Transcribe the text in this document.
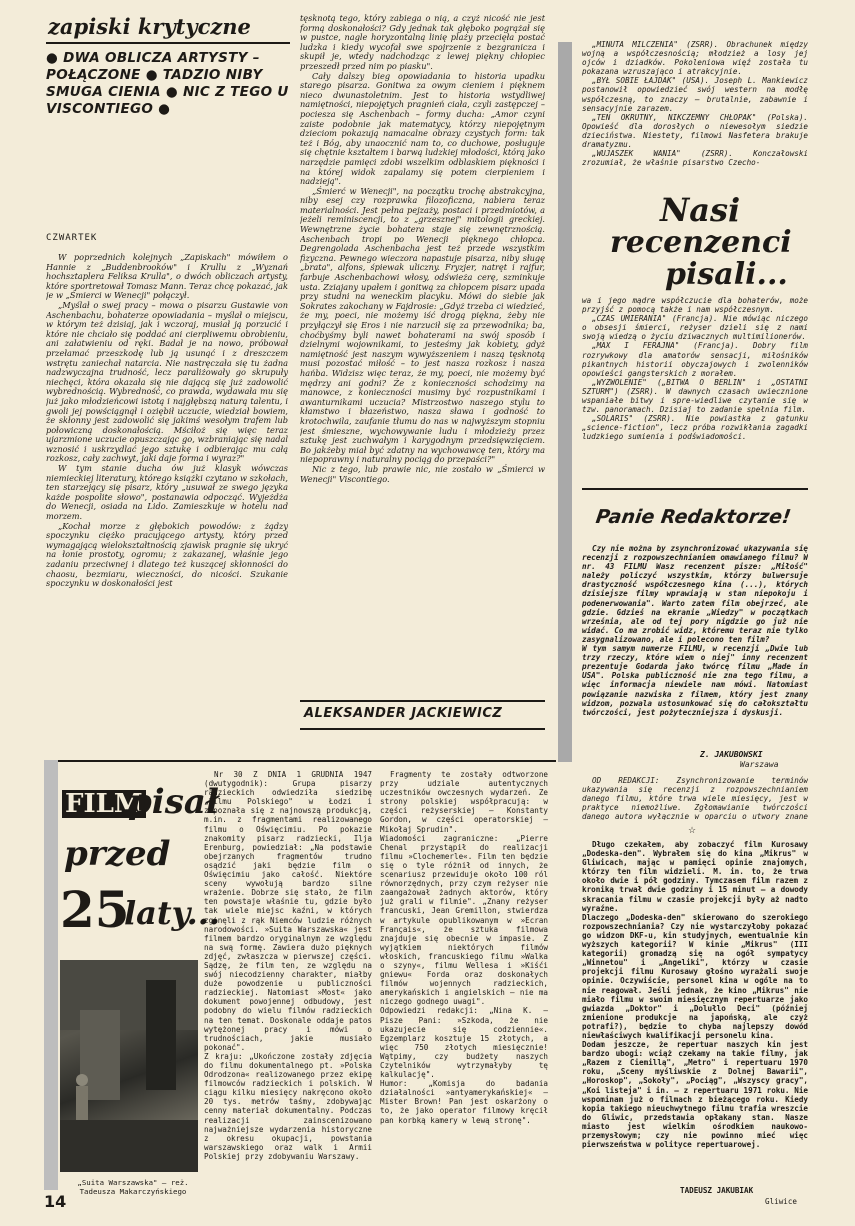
zapiski krytyczne
● DWA OBLICZA ARTYSTY – POŁĄCZONE ● TADZIO NIBY SMUGA CIENIA ● NIC Z TEGO U VISCONTIEGO ●
CZWARTEK

W poprzednich kolejnych „Zapiskach" mówiłem o Hannie z „Buddenbrooków" i Krullu z „Wyznań hochsztaplera Feliksa Krulla", o dwóch obliczach artysty, które sportretował Tomasz Mann. Teraz chcę pokazać, jak je w „Śmierci w Wenecji" połączył.

„Myślał o swej pracy – mowa o pisarzu Gustawie von Aschenbachu, bohaterze opowiadania – myślał o miejscu, w którym też dzisiaj, jak i wczoraj, musiał ją porzucić i które nie chciało się poddać ani cierpliwemu obrobieniu, ani załatwieniu od ręki. Badał je na nowo, próbował przełamać przeszkodę lub ją usunąć i z dreszczem wstrętu zaniechał natarcia. Nie nastręczała się tu żadna nadzwyczajna trudność, lecz paraliżowały go skrupuły niechęci, która okazała się nie dającą się już zadowolić wybrednością. Wybredność, co prawda, wydawała mu się już jako młodzieńcowi istotą i najgłębszą naturą talentu, i gwoli jej powściągnął i oziębił uczucie, wiedział bowiem, że skłonny jest zadowolić się jakimś wesołym trafem lub połowiczną doskonałością. Mściłoż się więc teraz ujarzmione uczucie opuszczając go, wzbraniając się nadal wznosić i uskrzydlać jego sztukę i odbierając mu całą rozkosz, cały zachwyt, jaki daje forma i wyraz?"

W tym stanie ducha ów już klasyk wówczas niemieckiej literatury, którego książki czytano w szkołach, ten starzejący się pisarz, który „usuwał ze swego języka każde pospolite słowo", postanawia odpocząć. Wyjeżdża do Wenecji, osiada na Lido. Zamieszkuje w hotelu nad morzem.

„Kochał morze z głębokich powodów: z żądzy spoczynku ciężko pracującego artysty, który przed wymagającą wielokształtnością zjawisk pragnie się ukryć na łonie prostoty, ogromu; z zakazanej, właśnie jego zadaniu przeciwnej i dlatego też kuszącej skłonności do chaosu, bezmiaru, wieczności, do nicości. Szukanie spoczynku w doskonałości jest

tęsknotą tego, który zabiega o nią, a czyż nicość nie jest formą doskonałości? Gdy jednak tak głęboko pogrążał się w pustce, nagle horyzontalną linię plaży przecięła postać ludzka i kiedy wycofał swe spojrzenie z bezgranicza i skupił je, wtedy nadchodząc z lewej piękny chłopiec przeszedł przed nim po piasku".

Cały dalszy bieg opowiadania to historia upadku starego pisarza. Gonitwa za owym cieniem i pięknem nieco dwunastoletnim. Jest to historia wstydliwej namiętności, niepojętych pragnień ciała, czyli zastępczej – pociesza się Aschenbach – formy ducha: „Amor czyni zaiste podobnie jak matematycy, którzy niepojętnym dzieciom pokazują namacalne obrazy czystych form: tak też i Bóg, aby unaocznić nam to, co duchowe, posługuje się chętnie kształtem i barwą ludzkiej młodości, którą jako narzędzie pamięci zdobi wszelkim odblaskiem piękności i na której widok zapalamy się potem cierpieniem i nadzieją".

„Śmierć w Wenecji", na początku trochę abstrakcyjna, niby esej czy rozprawka filozoficzna, nabiera teraz materialności. Jest pełna pejzaży, postaci i przedmiotów, a jeżeli reminiscencji, to z „grzesznej" mitologii greckiej. Wewnętrzne życie bohatera staje się zewnętrznością. Aschenbach tropi po Wenecji pięknego chłopca. Degrengolada Aschenbacha jest też przede wszystkim fizyczna. Pewnego wieczora napastuje pisarza, niby sługę „brata", alfons, śpiewak uliczny. Fryzjer, natręt i rajfur, farbuje Aschenbachowi włosy, odświeża cerę, szminkuje usta. Zziajany upałem i gonitwą za chłopcem pisarz upada przy studni na weneckim placyku. Mówi do siebie jak Sokrates zakochany w Fajdrosie: „Gdyż trzeba ci wiedzieć, że my, poeci, nie możemy iść drogą piękna, żeby nie przyłączył się Eros i nie narzucił się za przewodnika; ba, choćbyśmy byli nawet bohaterami na swój sposób i dzielnymi wojownikami, to jesteśmy jak kobiety, gdyż namiętność jest naszym wywyższeniem i naszą tęsknotą musi pozostać miłość – to jest nasza rozkosz i nasza hańba. Widzisz więc teraz, że my, poeci, nie możemy być mędrzy ani godni? Że z konieczności schodzimy na manowce, z konieczności musimy być rozpustnikami i awanturnikami uczucia? Mistrzostwo naszego stylu to kłamstwo i błazeństwo, nasza sława i godność to krotochwila, zaufanie tłumu do nas w najwyższym stopniu jest śmieszne, wychowywanie ludu i młodzieży przez sztukę jest zuchwałym i karygodnym przedsięwzięciem. Bo jakżeby miał być zdatny na wychowawcę ten, który ma niepoprawny i naturalny pociąg do przepaści?"

Nic z tego, lub prawie nic, nie zostało w „Śmierci w Wenecji" Viscontiego.

ALEKSANDER JACKIEWICZ

„MINUTA MILCZENIA" (ZSRR). Obrachunek między wojną a współczesnością; młodzież a losy jej ojców i dziadków. Pokoleniowa więź została tu pokazana wzruszająco i atrakcyjnie.

„BYŁ SOBIE ŁAJDAK" (USA). Joseph L. Mankiewicz postanowił opowiedzieć swój western na modłę współczesną, to znaczy – brutalnie, zabawnie i sensacyjnie zarazem.

„TEN OKRUTNY, NIKCZEMNY CHŁOPAK" (Polska). Opowieść dla dorosłych o niewesołym siedzie dzieciństwa. Niestety, filmowi Nasfetera brakuje dramatyzmu.

„WUJASZEK WANIA" (ZSRR). Konczałowski zrozumiał, że właśnie pisarstwo Czecho-

Nasi
recenzenci
pisali...

wa i jego mądre współczucie dla bohaterów, może przyjść z pomocą także i nam współczesnym.

„CZAS UMIERANIA" (Francja). Nie mówiąc niczego o obsesji śmierci, reżyser dzieli się z nami swoją wiedzą o życiu dziwacznych multimilionerów.

„MAX I FERAJNA" (Francja). Dobry film rozrywkowy dla amatorów sensacji, miłośników pikantnych historii obyczajowych i zwolenników opowieści gangsterskich z morałem.

„WYZWOLENIE" („BITWA O BERLIN" i „OSTATNI SZTURM") (ZSRR). W dawnych czasach uwiecznione wspaniałe bitwy i spre-wiedliwe czytanie się w tzw. panoramach. Dzisiaj to zadanie spełnia film.

„SOLARIS" (ZSRR). Nie powiastka z gatunku „science-fiction", lecz próba rozwikłania zagadki ludzkiego sumienia i podświadomości.

Panie Redaktorze!
Czy nie można by zsynchronizować ukazywania się recenzji z rozpowszechnianiem omawianego filmu? W nr. 43 FILMU Wasz recenzent pisze: „Miłość" należy policzyć wszystkim, którzy bulwersuje drastyczność współczesnego kina (...), których dzisiejsze filmy wprawiają w stan niepokoju i podenerwowania". Warto zatem film obejrzeć, ale gdzie. Gdzieś na ekranie „Wiedzy" w początkach września, ale od tej pory nigdzie go już nie widać. Co ma zrobić widz, któremu teraz nie tylko zasygnalizowano, ale i polecono ten film?
W tym samym numerze FILMU, w recenzji „Dwie lub trzy rzeczy, które wiem o niej" inny recenzent prezentuje Godarda jako twórcę filmu „Made in USA". Polska publiczność nie zna tego filmu, a więc informacja niewiele nam mówi. Natomiast powiązanie nazwiska z filmem, który jest znany widzom, pozwala ustosunkować się do całokształtu twórczości, jest pożyteczniejsza i dyskusji.
Z. JAKUBOWSKI
Warszawa
OD REDAKCJI: Zsynchronizowanie terminów ukazywania się recenzji z rozpowszechnianiem danego filmu, które trwa wiele miesięcy, jest w praktyce niemożliwe. Zgłomawianie twórczości danego autora wyłącznie w oparciu o utwory znane
☆
Długo czekałem, aby zobaczyć film Kurosawy „Dodeska-den". Wybrałem się do kina „Mikrus" w Gliwicach, mając w pamięci opinie znajomych, którzy ten film widzieli. M. in. to, że trwa około dwie i pół godziny. Tymczasem film razem z kroniką trwał dwie godziny i 15 minut – a dowody skracania filmu w czasie projekcji były aż nadto wyraźne.
Dlaczego „Dodeska-den" skierowano do szerokiego rozpowszechniania? Czy nie wystarczyłoby pokazać go widzom DKF-u, kin studyjnych, ewentualnie kin wyższych kategorii? W kinie „Mikrus" (III kategorii) gromadzą się na ogół sympatycy „Winnetou" i „Angeliki", którzy w czasie projekcji filmu Kurosawy głośno wyrażali swoje opinie. Oczywiście, personel kina w ogóle na to nie reagował. Jeśli jednak, że kino „Mikrus" nie miało filmu w swoim miesięcznym repertuarze jako gwiazda „Doktor" i „Dolułlo Deci" (później zmienione produkcje na japońską, ale czyż potrafi?), będzie to chyba najlepszy dowód niewłaściwych kwalifikacji personelu kina.
Dodam jeszcze, że repertuar naszych kin jest bardzo ubogi: wciąż czekamy na takie filmy, jak „Razem z Ciemillą", „Metro" i repertuaru 1970 roku, „Sceny myśliwskie z Dolnej Bawarii", „Horoskop", „Sokoły", „Pociąg", „Wszyscy gracy", „Koi listeja" i in. – z repertuaru 1971 roku. Nie wspominam już o filmach z bieżącego roku. Kiedy kopia takiego nieuchwytnego filmu trafia wreszcie do Gliwic, przedstawia opłakany stan. Nasze miasto jest wielkim ośrodkiem naukowo-przemysłowym; czy nie powinno mieć więc pierwszeństwa w polityce repertuarowej.
TADEUSZ JAKUBIAK
Gliwice
FILM
pisał
przed
25
laty...
„Suita Warszawska" – reż. Tadeusza Makarczyńskiego
Nr 30 Z DNIA 1 GRUDNIA 1947 (dwutygodnik): Grupa pisarzy radzieckich odwiedziła siedzibę „Filmu Polskiego" w Łodzi i zapoznała się z najnowszą produkcją, m.in. z fragmentami realizowanego filmu o Oświęcimiu. Po pokazie znakomity pisarz radziecki, Ilja Erenburg, powiedział: „Na podstawie obejrzanych fragmentów trudno osądzić jaki będzie film o Oświęcimiu jako całość. Niektóre sceny wywołują bardzo silne wrażenie. Dobrze się stało, że film ten powstaje właśnie tu, gdzie było tak wiele miejsc kaźni, w których zginęli z rąk Niemców ludzie różnych narodowości. »Suita Warszawska« jest filmem bardzo oryginalnym ze względu na swą formę. Zawiera dużo pięknych zdjęć, zwłaszcza w pierwszej części. Sądzę, że film ten, ze względu na swój niecodzienny charakter, miałby duże powodzenie u publiczności radzieckiej. Natomiast »Most« jako dokument powojennej odbudowy, jest podobny do wielu filmów radzieckich na ten temat. Doskonale oddaje patos wytężonej pracy i mówi o trudnościach, jakie musiało pokonać".
Z kraju: „Ukończone zostały zdjęcia do filmu dokumentalnego pt. »Polska Odrodzona« realizowanego przez ekipę filmowców radzieckich i polskich. W ciągu kilku miesięcy nakręcono około 20 tys. metrów taśmy, zdobywając cenny materiał dokumentalny. Podczas realizacji zainscenizowano najważniejsze wydarzenia historyczne z okresu okupacji, powstania warszawskiego oraz walk i Armii Polskiej przy zdobywaniu Warszawy.
Fragmenty te zostały odtworzone przy udziale autentycznych uczestników owczesnych wydarzeń. Ze strony polskiej współpracują: w części reżyserskiej – Konstanty Gordon, w części operatorskiej – Mikołaj Sprudin".
Wiadomości zagraniczne: „Pierre Chenal przystąpił do realizacji filmu »Clochemerle«. Film ten będzie się o tyle różnił od innych, że scenariusz przewiduje około 100 ról równorzędnych, przy czym reżyser nie zaangażował żadnych aktorów, który już grali w filmie". „Znany reżyser francuski, Jean Gremillon, stwierdza w artykule opublikowanym w »Ecran Français«, że sztuka filmowa znajduje się obecnie w impasie. Z wyjątkiem niektórych filmów włoskich, francuskiego filmu »Walka o szyny«, filmu Wellesa i »Kiśći gniewu« Forda oraz doskonałych filmów wojennych radzieckich, amerykańskich i angielskich – nie ma niczego godnego uwagi".
Odpowiedzi redakcji: „Nina K. – Pisze Pani: »Szkoda, że nie ukazujecie się codziennie«. Egzemplarz kosztuje 15 złotych, a więc 750 złotych miesięcznie! Wątpimy, czy budżety naszych Czytelników wytrzymałyby tę kalkulację".
Humor: „Komisja do badania działalności »antyamerykańskiej« – Mister Brown! Pan jest oskarżony o to, że jako operator filmowy kręcił pan korbką kamery w lewą stronę".
14
